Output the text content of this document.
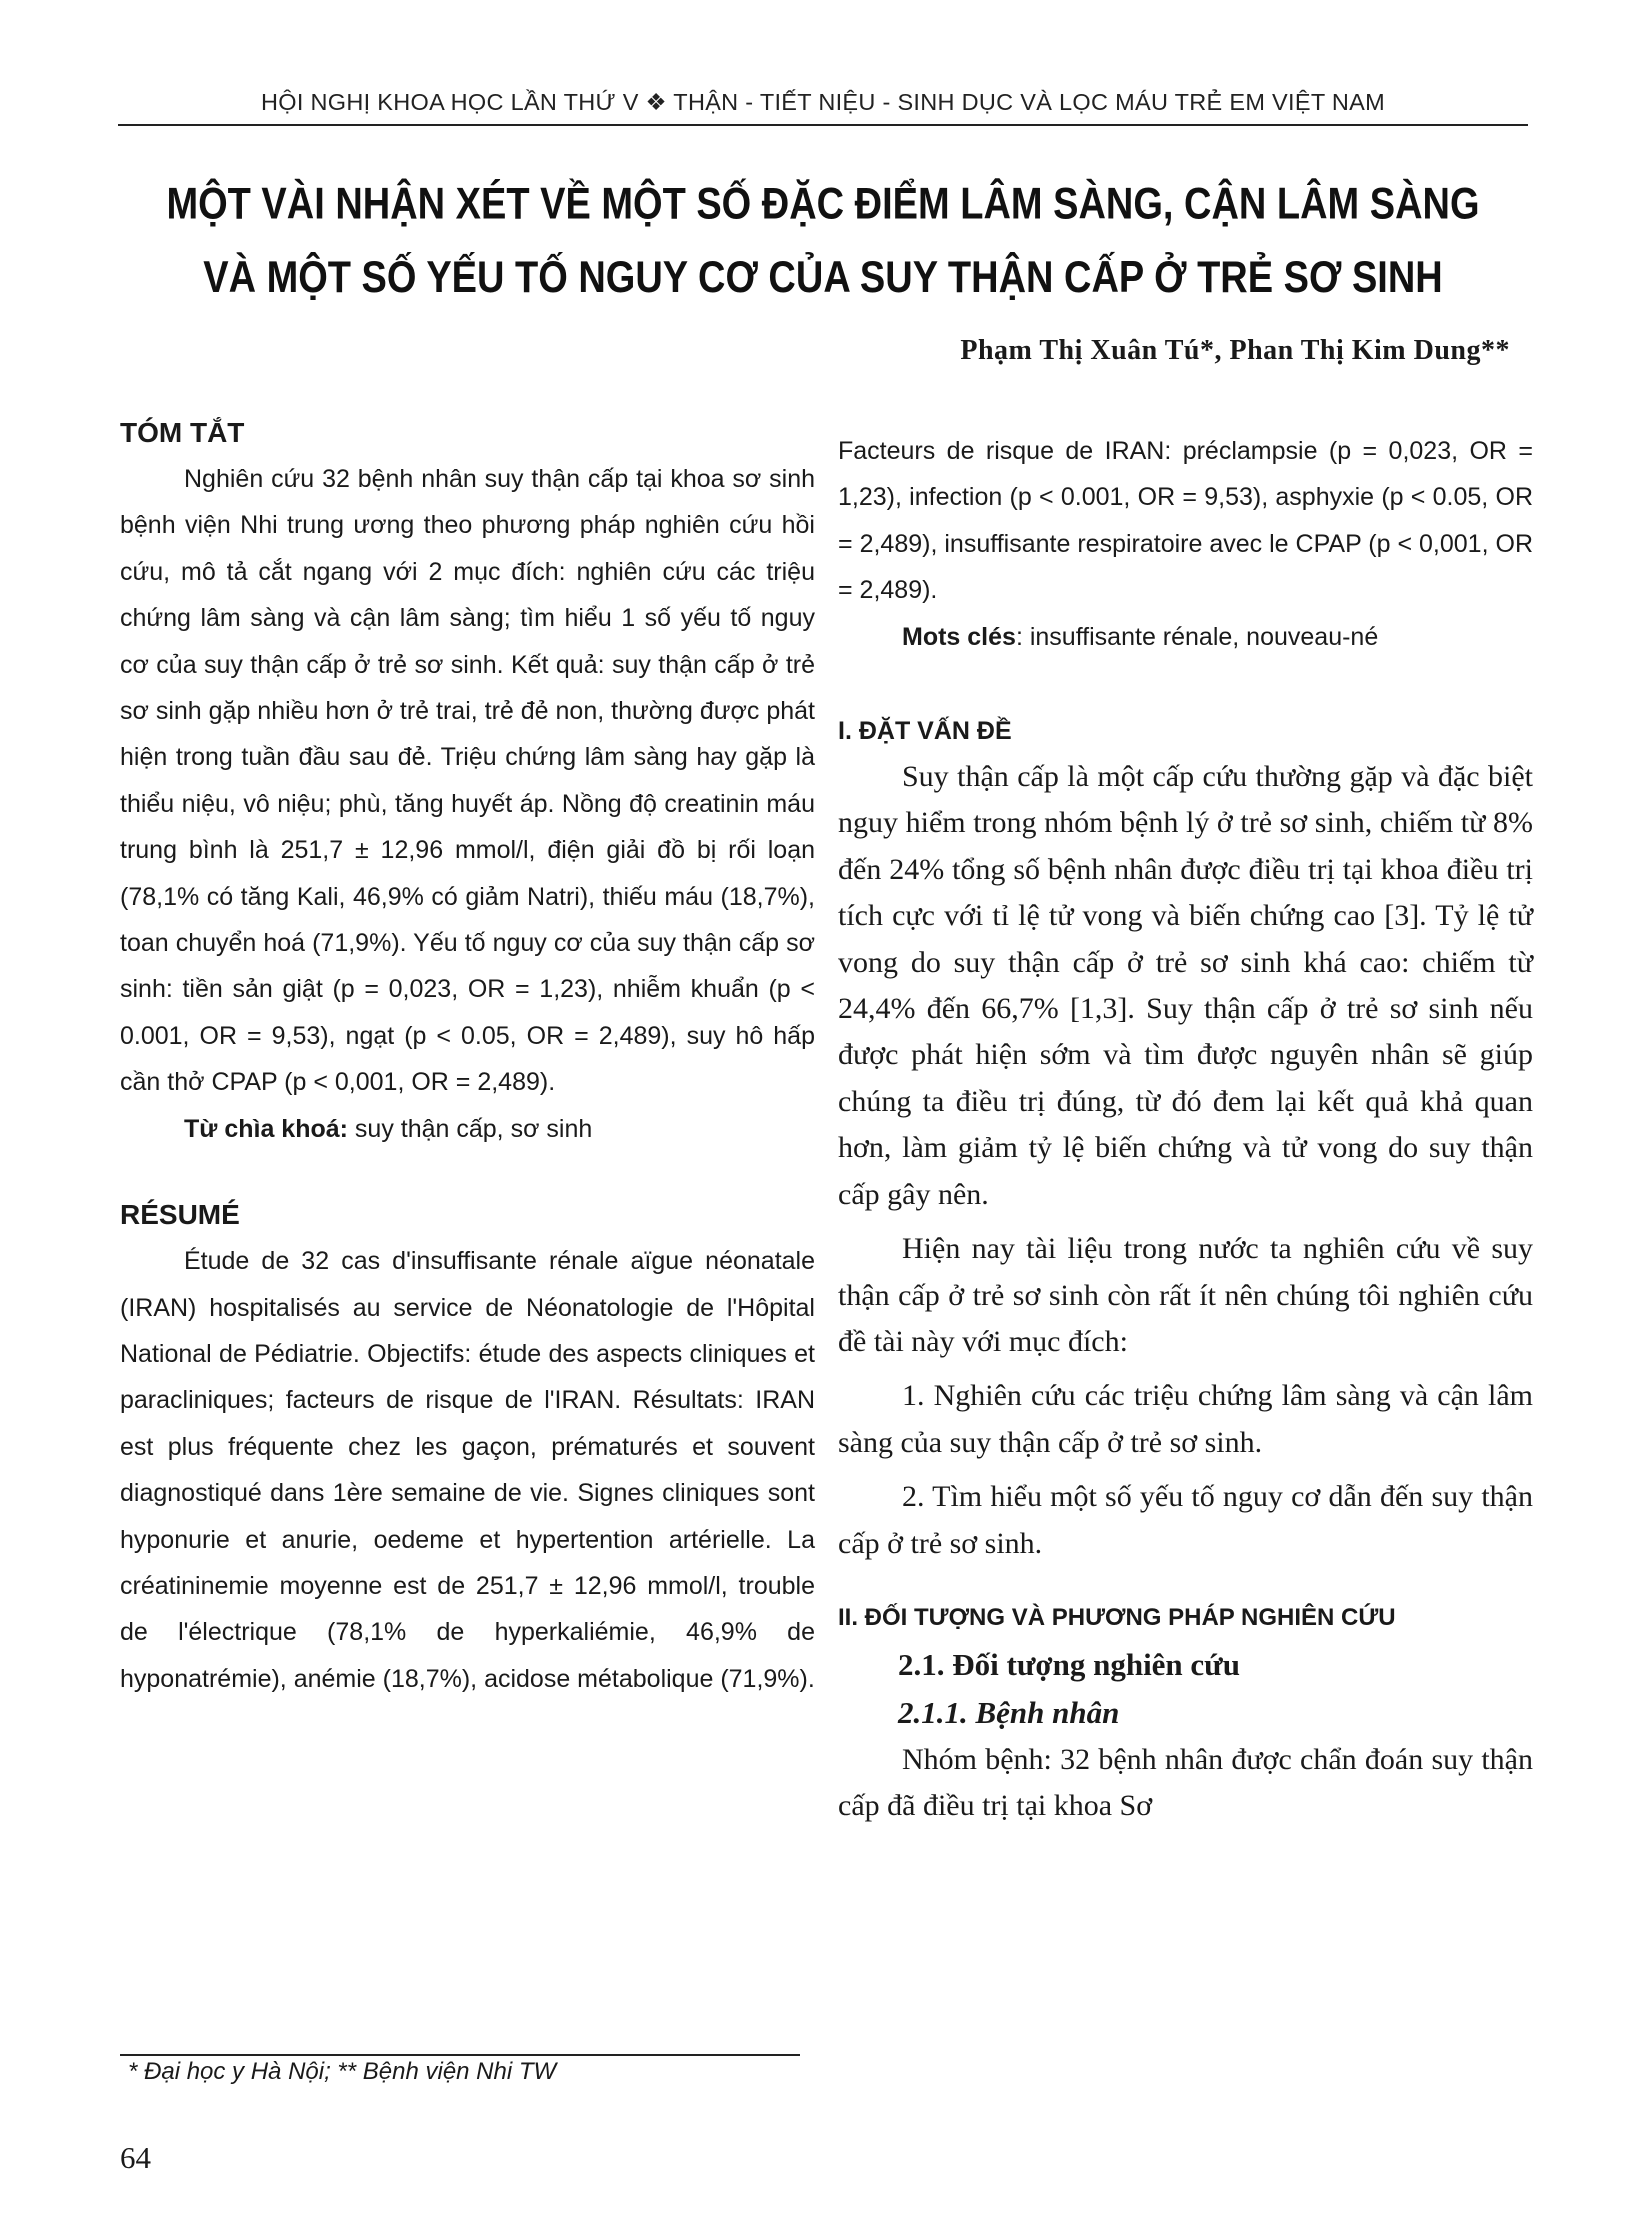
HỘI NGHỊ KHOA HỌC LẦN THỨ V ❖ THẬN - TIẾT NIỆU - SINH DỤC VÀ LỌC MÁU TRẺ EM VIỆT NAM
MỘT VÀI NHẬN XÉT VỀ MỘT SỐ ĐẶC ĐIỂM LÂM SÀNG, CẬN LÂM SÀNG
VÀ MỘT SỐ YẾU TỐ NGUY CƠ CỦA SUY THẬN CẤP Ở TRẺ SƠ SINH
Phạm Thị Xuân Tú*, Phan Thị Kim Dung**
TÓM TẮT

Nghiên cứu 32 bệnh nhân suy thận cấp tại khoa sơ sinh bệnh viện Nhi trung ương theo phương pháp nghiên cứu hồi cứu, mô tả cắt ngang với 2 mục đích: nghiên cứu các triệu chứng lâm sàng và cận lâm sàng; tìm hiểu 1 số yếu tố nguy cơ của suy thận cấp ở trẻ sơ sinh. Kết quả: suy thận cấp ở trẻ sơ sinh gặp nhiều hơn ở trẻ trai, trẻ đẻ non, thường được phát hiện trong tuần đầu sau đẻ. Triệu chứng lâm sàng hay gặp là thiểu niệu, vô niệu; phù, tăng huyết áp. Nồng độ creatinin máu trung bình là 251,7 ± 12,96 mmol/l, điện giải đồ bị rối loạn (78,1% có tăng Kali, 46,9% có giảm Natri), thiếu máu (18,7%), toan chuyển hoá (71,9%). Yếu tố nguy cơ của suy thận cấp sơ sinh: tiền sản giật (p = 0,023, OR = 1,23), nhiễm khuẩn (p < 0.001, OR = 9,53), ngạt (p < 0.05, OR = 2,489), suy hô hấp cần thở CPAP (p < 0,001, OR = 2,489).

Từ chìa khoá: suy thận cấp, sơ sinh

RÉSUMÉ

Étude de 32 cas d'insuffisante rénale aïgue néonatale (IRAN) hospitalisés au service de Néonatologie de l'Hôpital National de Pédiatrie. Objectifs: étude des aspects cliniques et paracliniques; facteurs de risque de l'IRAN. Résultats: IRAN est plus fréquente chez les gaçon, prématurés et souvent diagnostiqué dans 1ère semaine de vie. Signes cliniques sont hyponurie et anurie, oedeme et hypertention artérielle. La créatininemie moyenne est de 251,7 ± 12,96 mmol/l, trouble de l'électrique (78,1% de hyperkaliémie, 46,9% de hyponatrémie), anémie (18,7%), acidose métabolique (71,9%).

Facteurs de risque de IRAN: préclampsie (p = 0,023, OR = 1,23), infection (p < 0.001, OR = 9,53), asphyxie (p < 0.05, OR = 2,489), insuffisante respiratoire avec le CPAP (p < 0,001, OR = 2,489).

Mots clés: insuffisante rénale, nouveau-né

I. ĐẶT VẤN ĐỀ

Suy thận cấp là một cấp cứu thường gặp và đặc biệt nguy hiểm trong nhóm bệnh lý ở trẻ sơ sinh, chiếm từ 8% đến 24% tổng số bệnh nhân được điều trị tại khoa điều trị tích cực với tỉ lệ tử vong và biến chứng cao [3]. Tỷ lệ tử vong do suy thận cấp ở trẻ sơ sinh khá cao: chiếm từ 24,4% đến 66,7% [1,3]. Suy thận cấp ở trẻ sơ sinh nếu được phát hiện sớm và tìm được nguyên nhân sẽ giúp chúng ta điều trị đúng, từ đó đem lại kết quả khả quan hơn, làm giảm tỷ lệ biến chứng và tử vong do suy thận cấp gây nên.

Hiện nay tài liệu trong nước ta nghiên cứu về suy thận cấp ở trẻ sơ sinh còn rất ít nên chúng tôi nghiên cứu đề tài này với mục đích:

1. Nghiên cứu các triệu chứng lâm sàng và cận lâm sàng của suy thận cấp ở trẻ sơ sinh.

2. Tìm hiểu một số yếu tố nguy cơ dẫn đến suy thận cấp ở trẻ sơ sinh.

II. ĐỐI TƯỢNG VÀ PHƯƠNG PHÁP NGHIÊN CỨU
2.1. Đối tượng nghiên cứu
2.1.1. Bệnh nhân

Nhóm bệnh: 32 bệnh nhân được chẩn đoán suy thận cấp đã điều trị tại khoa Sơ

* Đại học y Hà Nội; ** Bệnh viện Nhi TW
64
